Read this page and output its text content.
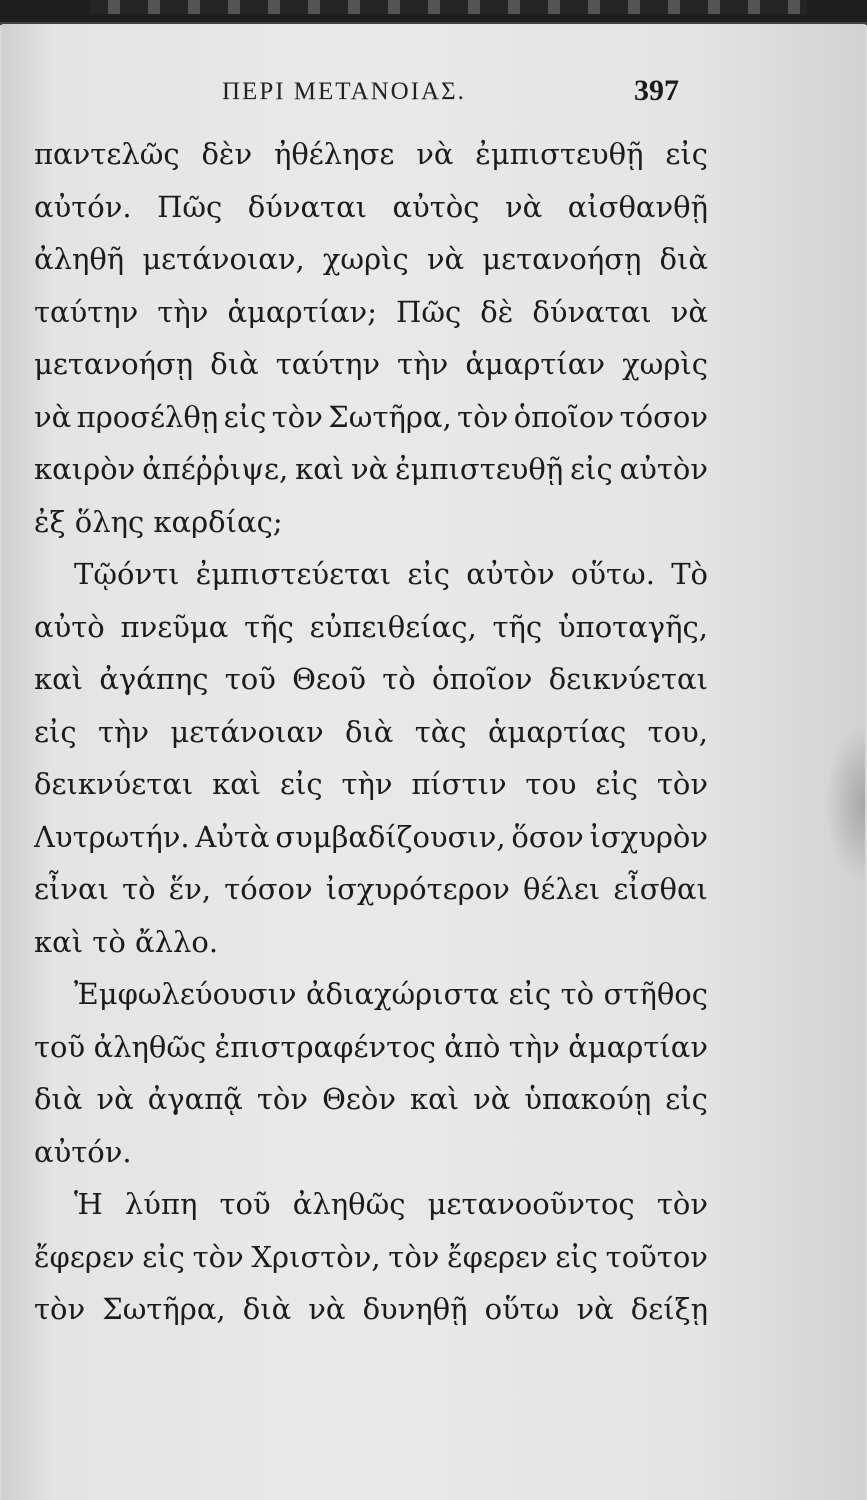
ΠΕΡΙ ΜΕΤΑΝΟΙΑΣ.	397
παντελῶς δὲν ἠθέλησε νὰ ἐμπιστευθῇ εἰς
αὐτόν. Πῶς δύναται αὐτὸς νὰ αἰσθανθῇ
ἀληθῆ μετάνοιαν, χωρὶς νὰ μετανοήσῃ διὰ
ταύτην τὴν ἁμαρτίαν; Πῶς δὲ δύναται νὰ
μετανοήσῃ διὰ ταύτην τὴν ἁμαρτίαν χωρὶς
νὰ προσέλθῃ εἰς τὸν Σωτῆρα, τὸν ὁποῖον τόσον
καιρὸν ἀπέῤῥιψε, καὶ νὰ ἐμπιστευθῇ εἰς αὐτὸν
ἐξ ὅλης καρδίας;
Τῷόντι ἐμπιστεύεται εἰς αὐτὸν οὕτω. Τὸ
αὐτὸ πνεῦμα τῆς εὐπειθείας, τῆς ὑποταγῆς,
καὶ ἀγάπης τοῦ Θεοῦ τὸ ὁποῖον δεικνύεται
εἰς τὴν μετάνοιαν διὰ τὰς ἁμαρτίας του,
δεικνύεται καὶ εἰς τὴν πίστιν του εἰς τὸν
Λυτρωτήν. Αὐτὰ συμβαδίζουσιν, ὅσον ἰσχυρὸν
εἶναι τὸ ἕν, τόσον ἰσχυρότερον θέλει εἶσθαι
καὶ τὸ ἄλλο.
Ἐμφωλεύουσιν ἀδιαχώριστα εἰς τὸ στῆθος
τοῦ ἀληθῶς ἐπιστραφέντος ἀπὸ τὴν ἁμαρτίαν
διὰ νὰ ἀγαπᾷ τὸν Θεὸν καὶ νὰ ὑπακούῃ εἰς
αὐτόν.
Ἡ λύπη τοῦ ἀληθῶς μετανοοῦντος τὸν
ἔφερεν εἰς τὸν Χριστὸν, τὸν ἔφερεν εἰς τοῦτον
τὸν Σωτῆρα, διὰ νὰ δυνηθῇ οὕτω νὰ δείξῃ
